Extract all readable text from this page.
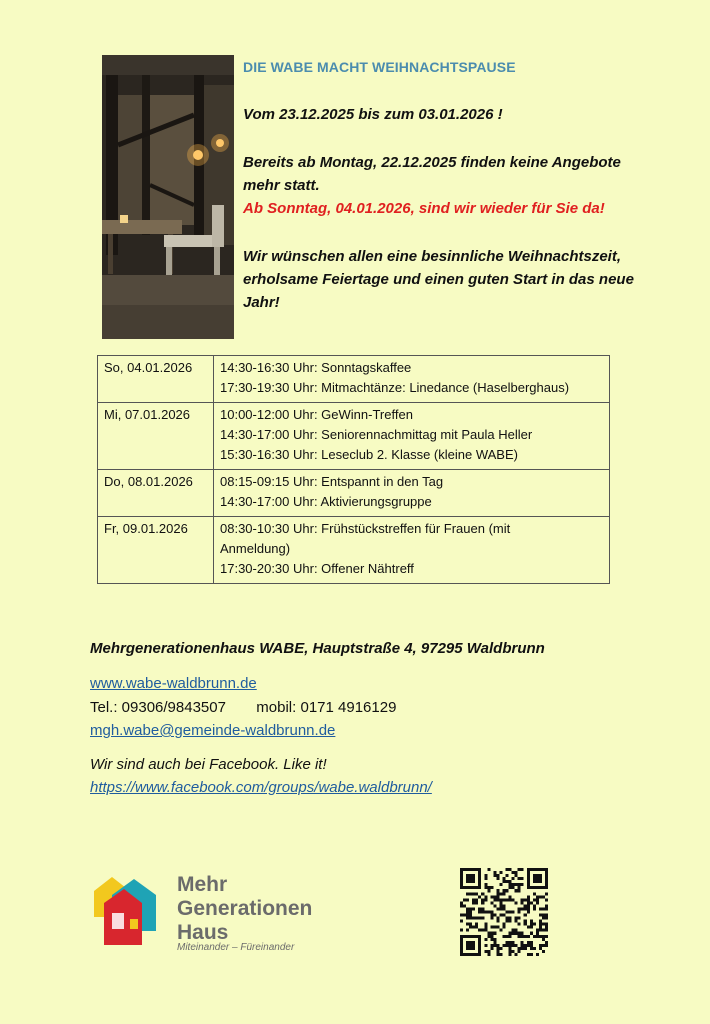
DIE WABE MACHT WEIHNACHTSPAUSE
Vom 23.12.2025 bis zum 03.01.2026 !
Bereits ab Montag, 22.12.2025 finden keine Angebote
mehr statt.
Ab Sonntag, 04.01.2026, sind wir wieder für Sie da!
Wir wünschen allen eine besinnliche Weihnachtszeit,
erholsame Feiertage und einen guten Start in das neue
Jahr!
So, 04.01.2026	14:30-16:30 Uhr: Sonntagskaffee
17:30-19:30 Uhr: Mitmachtänze: Linedance (Haselberghaus)

Mi, 07.01.2026	10:00-12:00 Uhr: GeWinn-Treffen
14:30-17:00 Uhr: Seniorennachmittag mit Paula Heller
15:30-16:30 Uhr: Leseclub 2. Klasse (kleine WABE)

Do, 08.01.2026	08:15-09:15 Uhr: Entspannt in den Tag
14:30-17:00 Uhr: Aktivierungsgruppe

Fr, 09.01.2026	08:30-10:30 Uhr: Frühstückstreffen für Frauen (mit
Anmeldung)
17:30-20:30 Uhr: Offener Nähtreff
Mehrgenerationenhaus WABE, Hauptstraße 4, 97295 Waldbrunn
www.wabe-waldbrunn.de
Tel.: 09306/9843507 mobil: 0171 4916129
mgh.wabe@gemeinde-waldbrunn.de
Wir sind auch bei Facebook. Like it!
https://www.facebook.com/groups/wabe.waldbrunn/
Mehr
Generationen
Haus
Miteinander – Füreinander
